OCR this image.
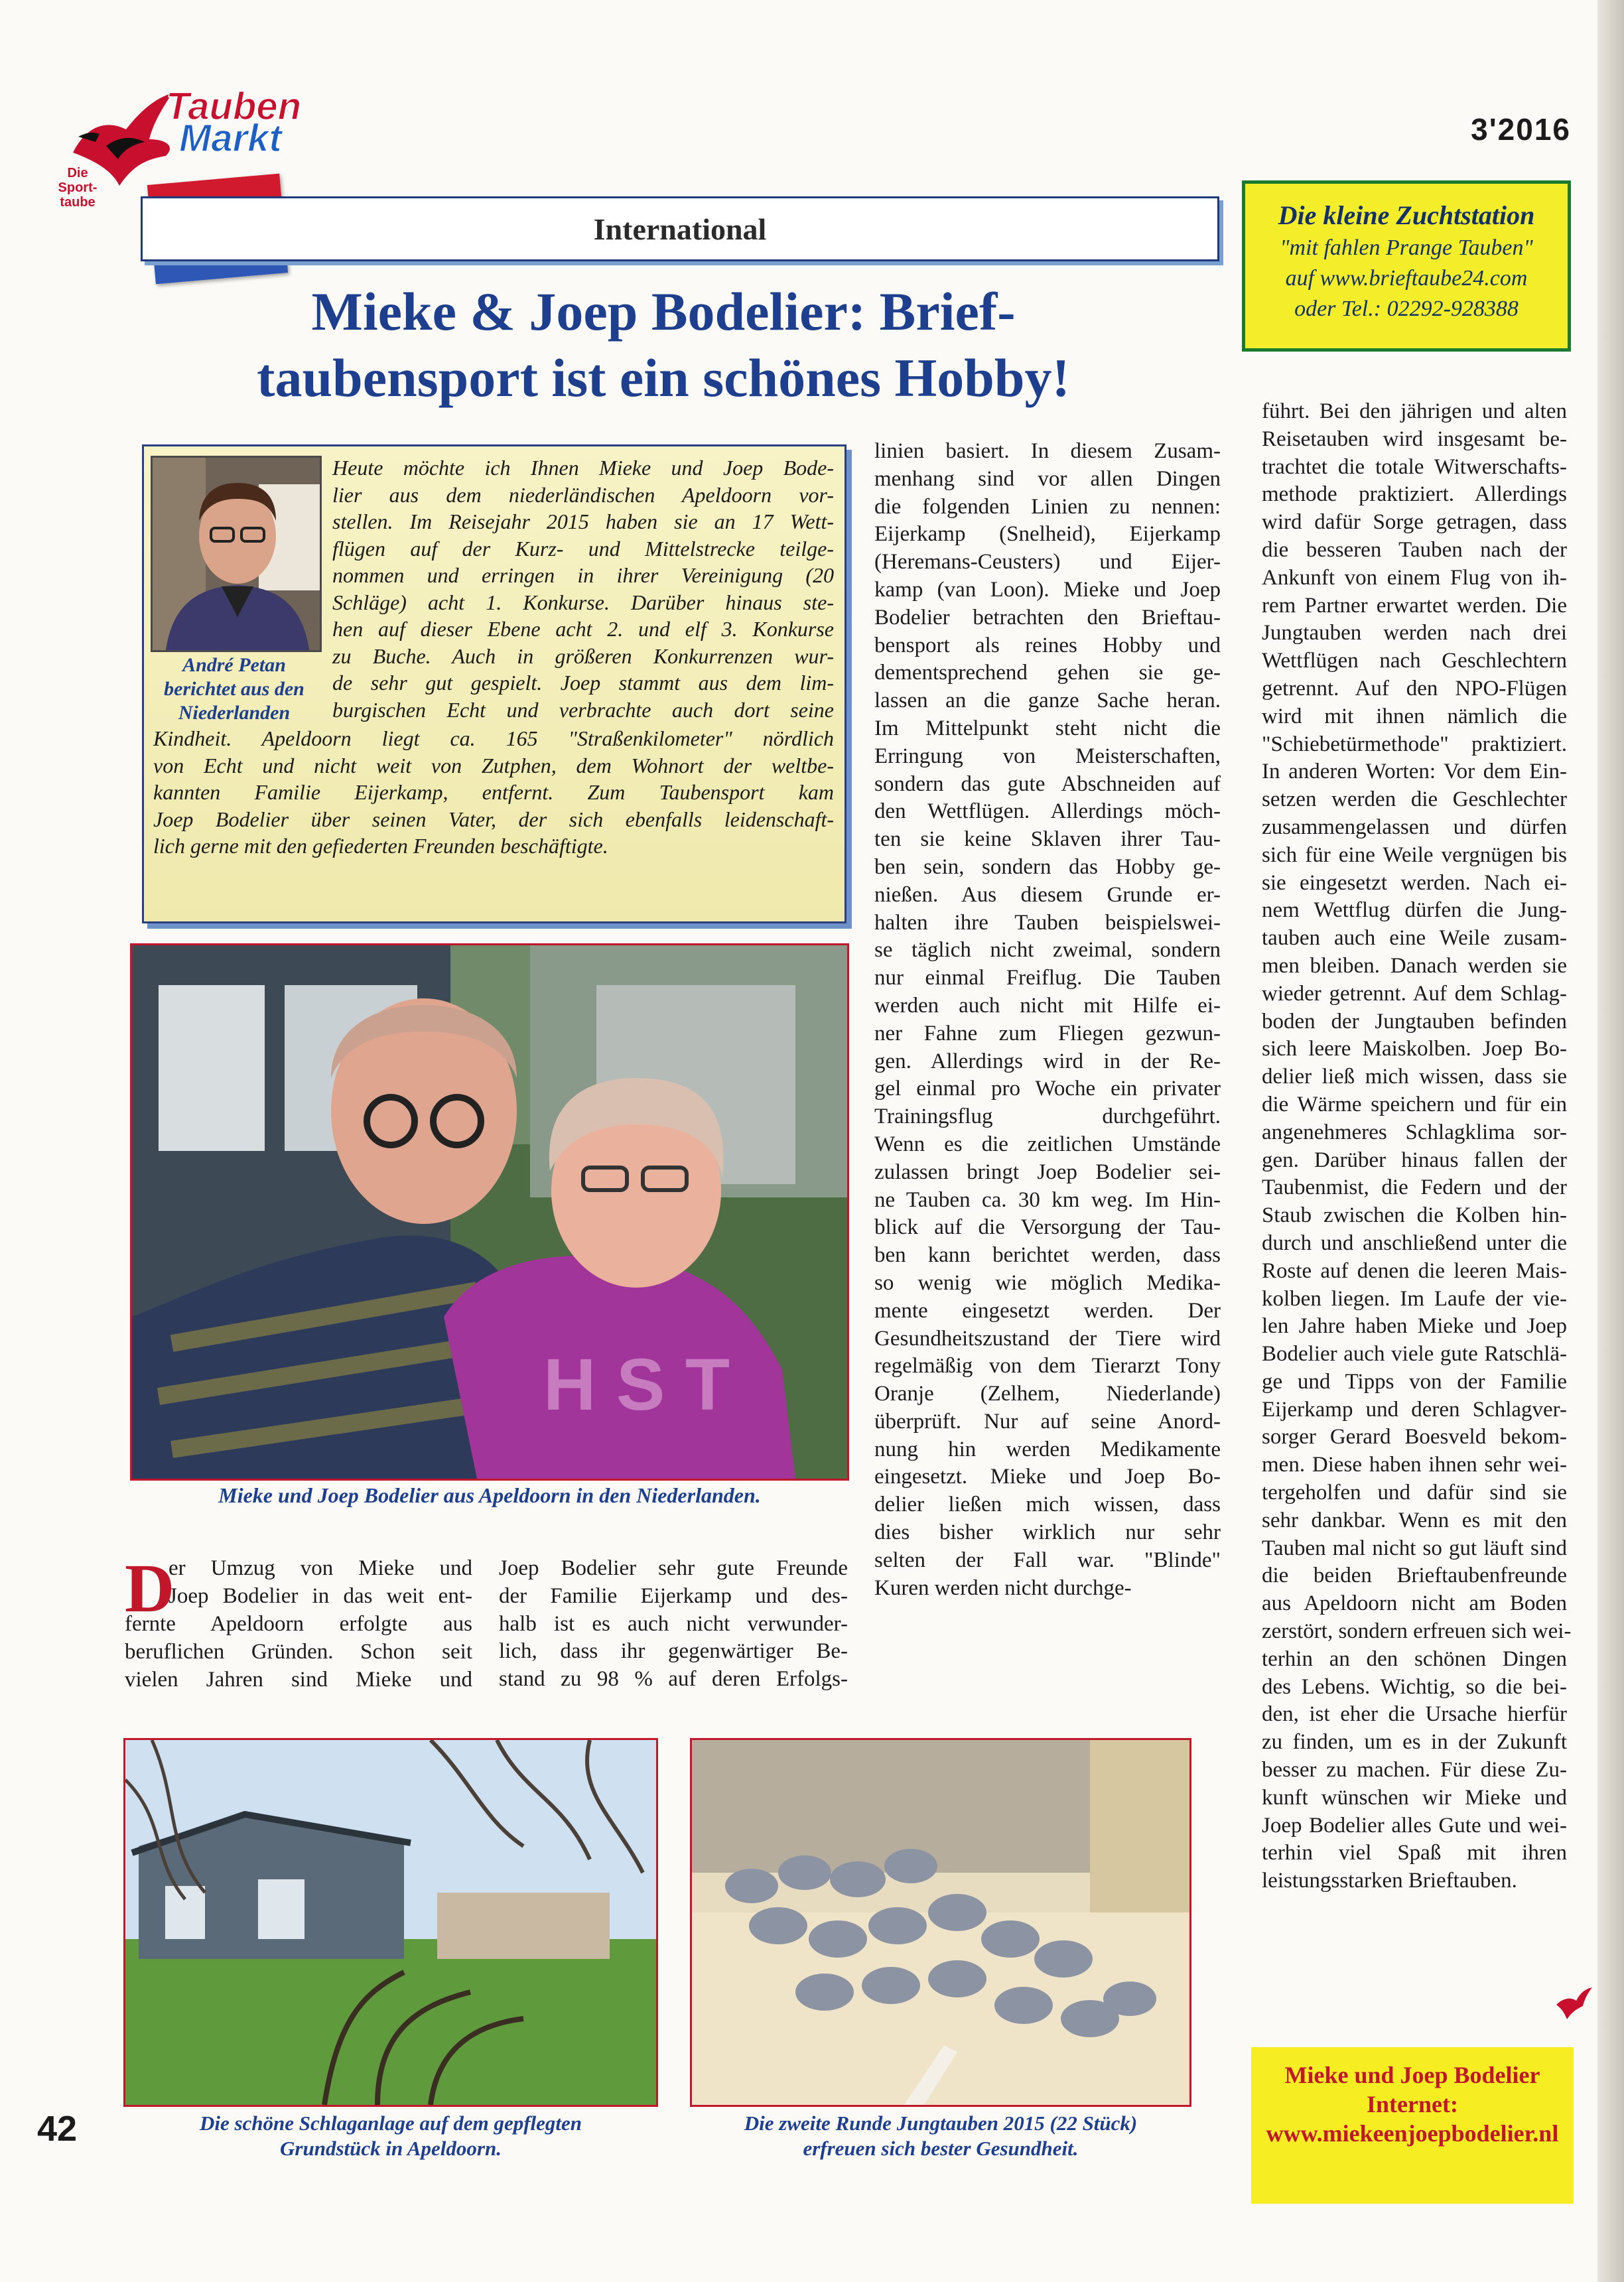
Tauben
Markt
Die
Sport-
taube
3'2016
International	Die kleine Zuchtstation
"mit fahlen Prange Tauben"
auf www.brieftaube24.com
oder Tel.: 02292-928388
Mieke & Joep Bodelier: Brief-
taubensport ist ein schönes Hobby!
André Petan
berichtet aus den
Niederlanden
Heute möchte ich Ihnen Mieke und Joep Bode-
lier aus dem niederländischen Apeldoorn vor-
stellen. Im Reisejahr 2015 haben sie an 17 Wett-
flügen auf der Kurz- und Mittelstrecke teilge-
nommen und erringen in ihrer Vereinigung (20
Schläge) acht 1. Konkurse. Darüber hinaus ste-
hen auf dieser Ebene acht 2. und elf 3. Konkurse
zu Buche. Auch in größeren Konkurrenzen wur-
de sehr gut gespielt. Joep stammt aus dem lim-
burgischen Echt und verbrachte auch dort seine
Kindheit. Apeldoorn liegt ca. 165 "Straßenkilometer" nördlich
von Echt und nicht weit von Zutphen, dem Wohnort der weltbe-
kannten Familie Eijerkamp, entfernt. Zum Taubensport kam
Joep Bodelier über seinen Vater, der sich ebenfalls leidenschaft-
lich gerne mit den gefiederten Freunden beschäftigte.
H S T
Mieke und Joep Bodelier aus Apeldoorn in den Niederlanden.
D
er Umzug von Mieke und
Joep Bodelier in das weit ent-
fernte Apeldoorn erfolgte aus
beruflichen Gründen. Schon seit
vielen Jahren sind Mieke und
Joep Bodelier sehr gute Freunde
der Familie Eijerkamp und des-
halb ist es auch nicht verwunder-
lich, dass ihr gegenwärtiger Be-
stand zu 98 % auf deren Erfolgs-
linien basiert. In diesem Zusam-
menhang sind vor allen Dingen
die folgenden Linien zu nennen:
Eijerkamp (Snelheid), Eijerkamp
(Heremans-Ceusters) und Eijer-
kamp (van Loon). Mieke und Joep
Bodelier betrachten den Brieftau-
bensport als reines Hobby und
dementsprechend gehen sie ge-
lassen an die ganze Sache heran.
Im Mittelpunkt steht nicht die
Erringung von Meisterschaften,
sondern das gute Abschneiden auf
den Wettflügen. Allerdings möch-
ten sie keine Sklaven ihrer Tau-
ben sein, sondern das Hobby ge-
nießen. Aus diesem Grunde er-
halten ihre Tauben beispielswei-
se täglich nicht zweimal, sondern
nur einmal Freiflug. Die Tauben
werden auch nicht mit Hilfe ei-
ner Fahne zum Fliegen gezwun-
gen. Allerdings wird in der Re-
gel einmal pro Woche ein privater
Trainingsflug durchgeführt.
Wenn es die zeitlichen Umstände
zulassen bringt Joep Bodelier sei-
ne Tauben ca. 30 km weg. Im Hin-
blick auf die Versorgung der Tau-
ben kann berichtet werden, dass
so wenig wie möglich Medika-
mente eingesetzt werden. Der
Gesundheitszustand der Tiere wird
regelmäßig von dem Tierarzt Tony
Oranje (Zelhem, Niederlande)
überprüft. Nur auf seine Anord-
nung hin werden Medikamente
eingesetzt. Mieke und Joep Bo-
delier ließen mich wissen, dass
dies bisher wirklich nur sehr
selten der Fall war. "Blinde"
Kuren werden nicht durchge-
führt. Bei den jährigen und alten
Reisetauben wird insgesamt be-
trachtet die totale Witwerschafts-
methode praktiziert. Allerdings
wird dafür Sorge getragen, dass
die besseren Tauben nach der
Ankunft von einem Flug von ih-
rem Partner erwartet werden. Die
Jungtauben werden nach drei
Wettflügen nach Geschlechtern
getrennt. Auf den NPO-Flügen
wird mit ihnen nämlich die
"Schiebetürmethode" praktiziert.
In anderen Worten: Vor dem Ein-
setzen werden die Geschlechter
zusammengelassen und dürfen
sich für eine Weile vergnügen bis
sie eingesetzt werden. Nach ei-
nem Wettflug dürfen die Jung-
tauben auch eine Weile zusam-
men bleiben. Danach werden sie
wieder getrennt. Auf dem Schlag-
boden der Jungtauben befinden
sich leere Maiskolben. Joep Bo-
delier ließ mich wissen, dass sie
die Wärme speichern und für ein
angenehmeres Schlagklima sor-
gen. Darüber hinaus fallen der
Taubenmist, die Federn und der
Staub zwischen die Kolben hin-
durch und anschließend unter die
Roste auf denen die leeren Mais-
kolben liegen. Im Laufe der vie-
len Jahre haben Mieke und Joep
Bodelier auch viele gute Ratschlä-
ge und Tipps von der Familie
Eijerkamp und deren Schlagver-
sorger Gerard Boesveld bekom-
men. Diese haben ihnen sehr wei-
tergeholfen und dafür sind sie
sehr dankbar. Wenn es mit den
Tauben mal nicht so gut läuft sind
die beiden Brieftaubenfreunde
aus Apeldoorn nicht am Boden
zerstört, sondern erfreuen sich wei-
terhin an den schönen Dingen
des Lebens. Wichtig, so die bei-
den, ist eher die Ursache hierfür
zu finden, um es in der Zukunft
besser zu machen. Für diese Zu-
kunft wünschen wir Mieke und
Joep Bodelier alles Gute und wei-
terhin viel Spaß mit ihren
leistungsstarken Brieftauben.
Die schöne Schlaganlage auf dem gepflegten
Grundstück in Apeldoorn.
Die zweite Runde Jungtauben 2015 (22 Stück)
erfreuen sich bester Gesundheit.
Mieke und Joep Bodelier
Internet:
www.miekeenjoepbodelier.nl
42
